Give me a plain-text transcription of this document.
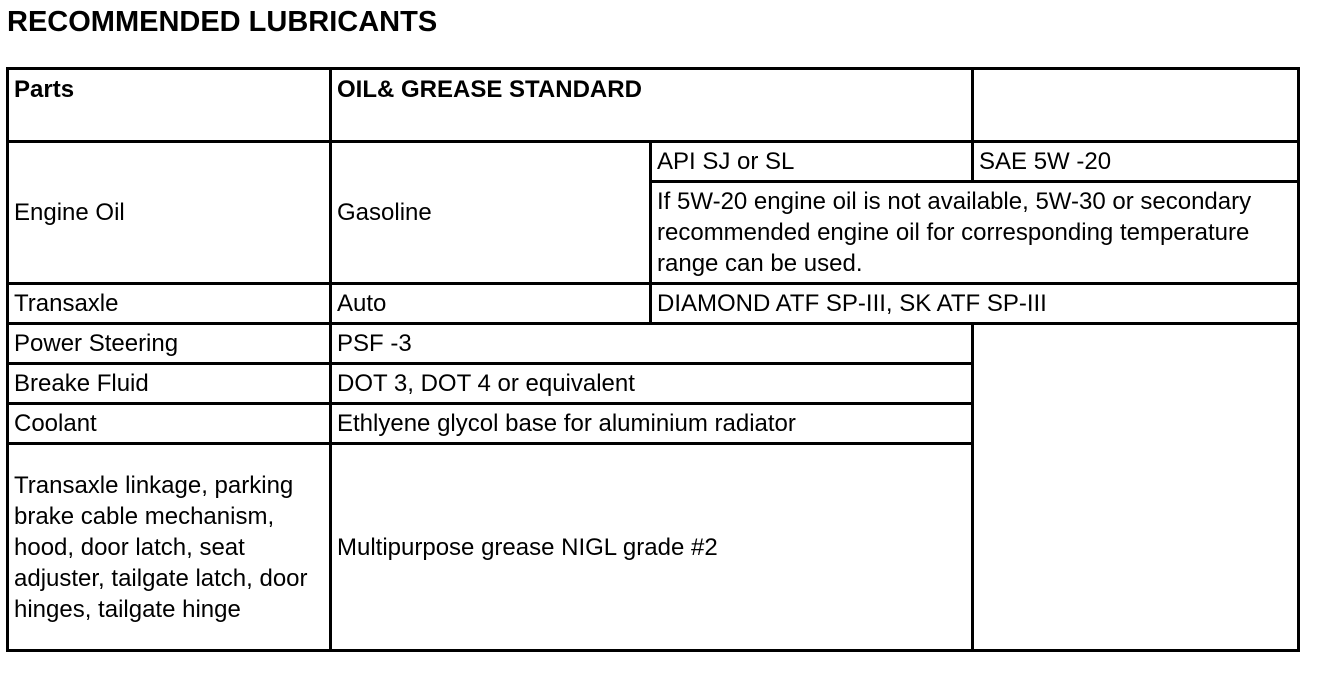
RECOMMENDED LUBRICANTS
Parts	OIL& GREASE STANDARD		
Engine Oil	Gasoline	API SJ or SL	SAE 5W -20
		If 5W-20 engine oil is not available, 5W-30 or secondary recommended engine oil for corresponding temperature range can be used.	
Transaxle	Auto	DIAMOND ATF SP-III, SK ATF SP-III	
Power Steering	PSF -3		
Breake Fluid	DOT 3, DOT 4 or equivalent		
Coolant	Ethlyene glycol base for aluminium radiator		
Transaxle linkage, parking brake cable mechanism, hood, door latch, seat adjuster, tailgate latch, door hinges, tailgate hinge	Multipurpose grease NIGL grade #2		
